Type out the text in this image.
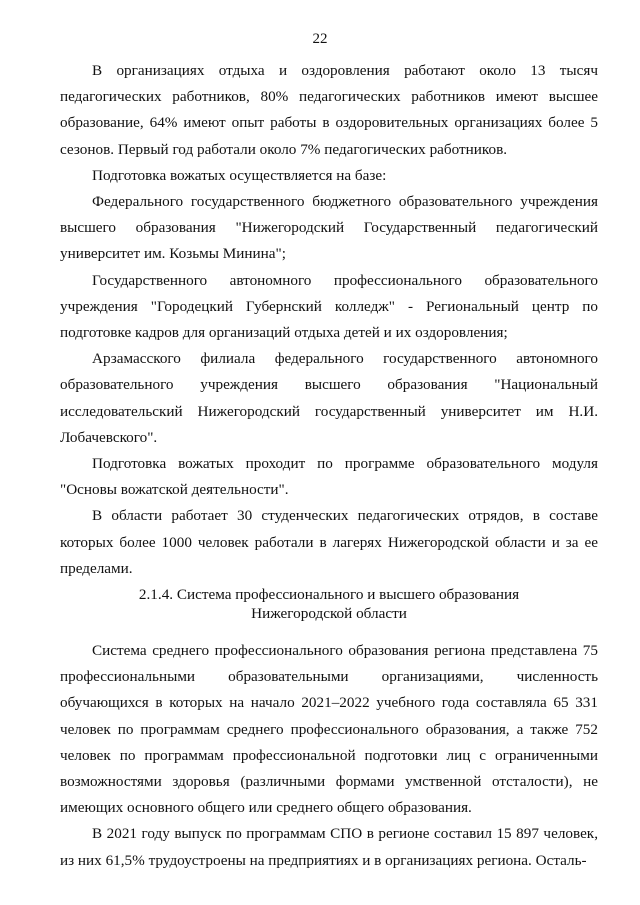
22

В организациях отдыха и оздоровления работают около 13 тысяч педагогических работников, 80% педагогических работников имеют высшее образование, 64% имеют опыт работы в оздоровительных организациях более 5 сезонов. Первый год работали около 7% педагогических работников.

Подготовка вожатых осуществляется на базе:

Федерального государственного бюджетного образовательного учреждения высшего образования "Нижегородский Государственный педагогический университет им. Козьмы Минина";

Государственного автономного профессионального образовательного учреждения "Городецкий Губернский колледж" - Региональный центр по подготовке кадров для организаций отдыха детей и их оздоровления;

Арзамасского филиала федерального государственного автономного образовательного учреждения высшего образования "Национальный исследовательский Нижегородский государственный университет им Н.И. Лобачевского".

Подготовка вожатых проходит по программе образовательного модуля "Основы вожатской деятельности".

В области работает 30 студенческих педагогических отрядов, в составе которых более 1000 человек работали в лагерях Нижегородской области и за ее пределами.

2.1.4. Система профессионального и высшего образования
Нижегородской области

Система среднего профессионального образования региона представлена 75 профессиональными образовательными организациями, численность обучающихся в которых на начало 2021–2022 учебного года составляла 65 331 человек по программам среднего профессионального образования, а также 752 человек по программам профессиональной подготовки лиц с ограниченными возможностями здоровья (различными формами умственной отсталости), не имеющих основного общего или среднего общего образования.

В 2021 году выпуск по программам СПО в регионе составил 15 897 человек, из них 61,5% трудоустроены на предприятиях и в организациях региона. Осталь-
